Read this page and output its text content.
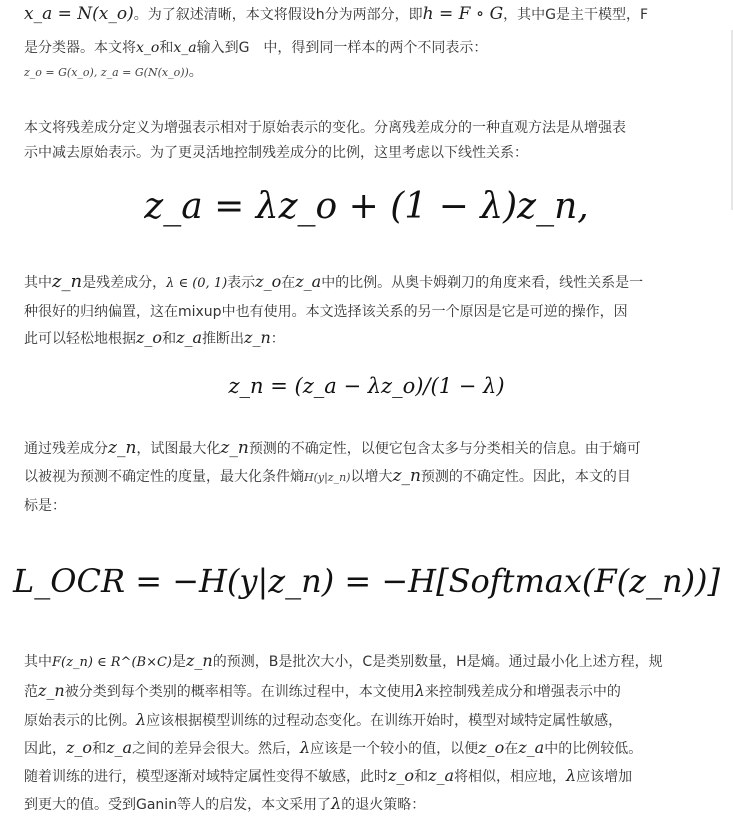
x_a = N(x_o)。为了叙述清晰，本文将假设h分为两部分，即h = F ∘ G，其中G是主干模型，F
是分类器。本文将x_o和x_a输入到G　中，得到同一样本的两个不同表示：
z_o = G(x_o), z_a = G(N(x_o))。
本文将残差成分定义为增强表示相对于原始表示的变化。分离残差成分的一种直观方法是从增强表
示中减去原始表示。为了更灵活地控制残差成分的比例，这里考虑以下线性关系：
z_a = λz_o + (1 − λ)z_n,
其中z_n是残差成分，λ ∈ (0, 1)表示z_o在z_a中的比例。从奥卡姆剃刀的角度来看，线性关系是一
种很好的归纳偏置，这在mixup中也有使用。本文选择该关系的另一个原因是它是可逆的操作，因
此可以轻松地根据z_o和z_a推断出z_n：
z_n = (z_a − λz_o)/(1 − λ)
通过残差成分z_n，试图最大化z_n预测的不确定性，以便它包含太多与分类相关的信息。由于熵可
以被视为预测不确定性的度量，最大化条件熵H(y|z_n)以增大z_n预测的不确定性。因此，本文的目
标是：
L_OCR = −H(y|z_n) = −H[Softmax(F(z_n))]
其中F(z_n) ∈ R^(B×C)是z_n的预测，B是批次大小，C是类别数量，H是熵。通过最小化上述方程，规
范z_n被分类到每个类别的概率相等。在训练过程中，本文使用λ来控制残差成分和增强表示中的
原始表示的比例。λ应该根据模型训练的过程动态变化。在训练开始时，模型对域特定属性敏感，
因此，z_o和z_a之间的差异会很大。然后，λ应该是一个较小的值，以便z_o在z_a中的比例较低。
随着训练的进行，模型逐渐对域特定属性变得不敏感，此时z_o和z_a将相似，相应地，λ应该增加
到更大的值。受到Ganin等人的启发，本文采用了λ的退火策略：
